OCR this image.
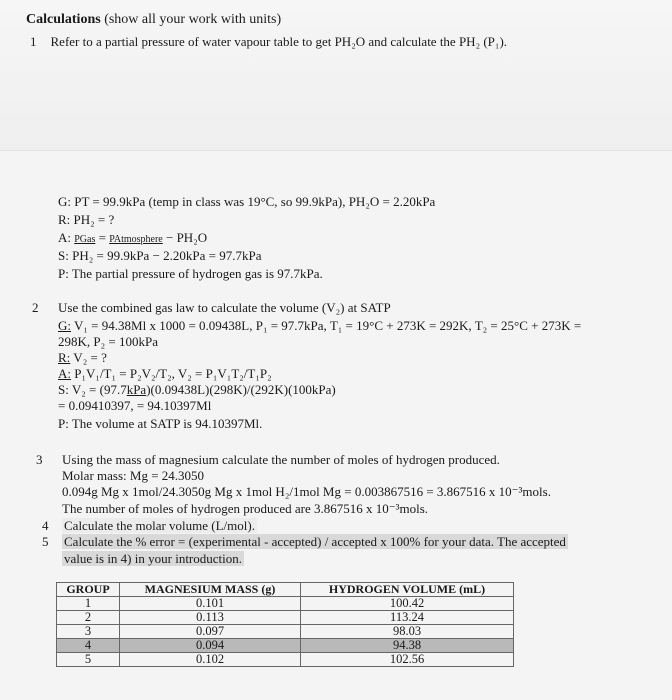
Calculations (show all your work with units)
1 Refer to a partial pressure of water vapour table to get PH₂O and calculate the PH₂ (P₁).
G: PT = 99.9kPa (temp in class was 19°C, so 99.9kPa), PH₂O = 2.20kPa
R: PH₂ = ?
A: PGas = PAtmosphere − PH₂O
S: PH₂ = 99.9kPa − 2.20kPa = 97.7kPa
P: The partial pressure of hydrogen gas is 97.7kPa.
2 Use the combined gas law to calculate the volume (V₂) at SATP
G: V₁ = 94.38Ml x 1000 = 0.09438L, P₁ = 97.7kPa, T₁ = 19°C + 273K = 292K, T₂ = 25°C + 273K =
298K, P₂ = 100kPa
R: V₂ = ?
A: P₁V₁/T₁ = P₂V₂/T₂, V₂ = P₁V₁T₂/T₁P₂
S: V₂ = (97.7kPa)(0.09438L)(298K)/(292K)(100kPa)
= 0.09410397, = 94.10397Ml
P: The volume at SATP is 94.10397Ml.
3 Using the mass of magnesium calculate the number of moles of hydrogen produced.
Molar mass: Mg = 24.3050
0.094g Mg x 1mol/24.3050g Mg x 1mol H₂/1mol Mg = 0.003867516 = 3.867516 x 10⁻³mols.
The number of moles of hydrogen produced are 3.867516 x 10⁻³mols.
4 Calculate the molar volume (L/mol).
5 Calculate the % error = (experimental - accepted) / accepted x 100% for your data. The accepted
value is in 4) in your introduction.
GROUP	MAGNESIUM MASS (g)	HYDROGEN VOLUME (mL)
1	0.101	100.42
2	0.113	113.24
3	0.097	98.03
4	0.094	94.38
5	0.102	102.56
